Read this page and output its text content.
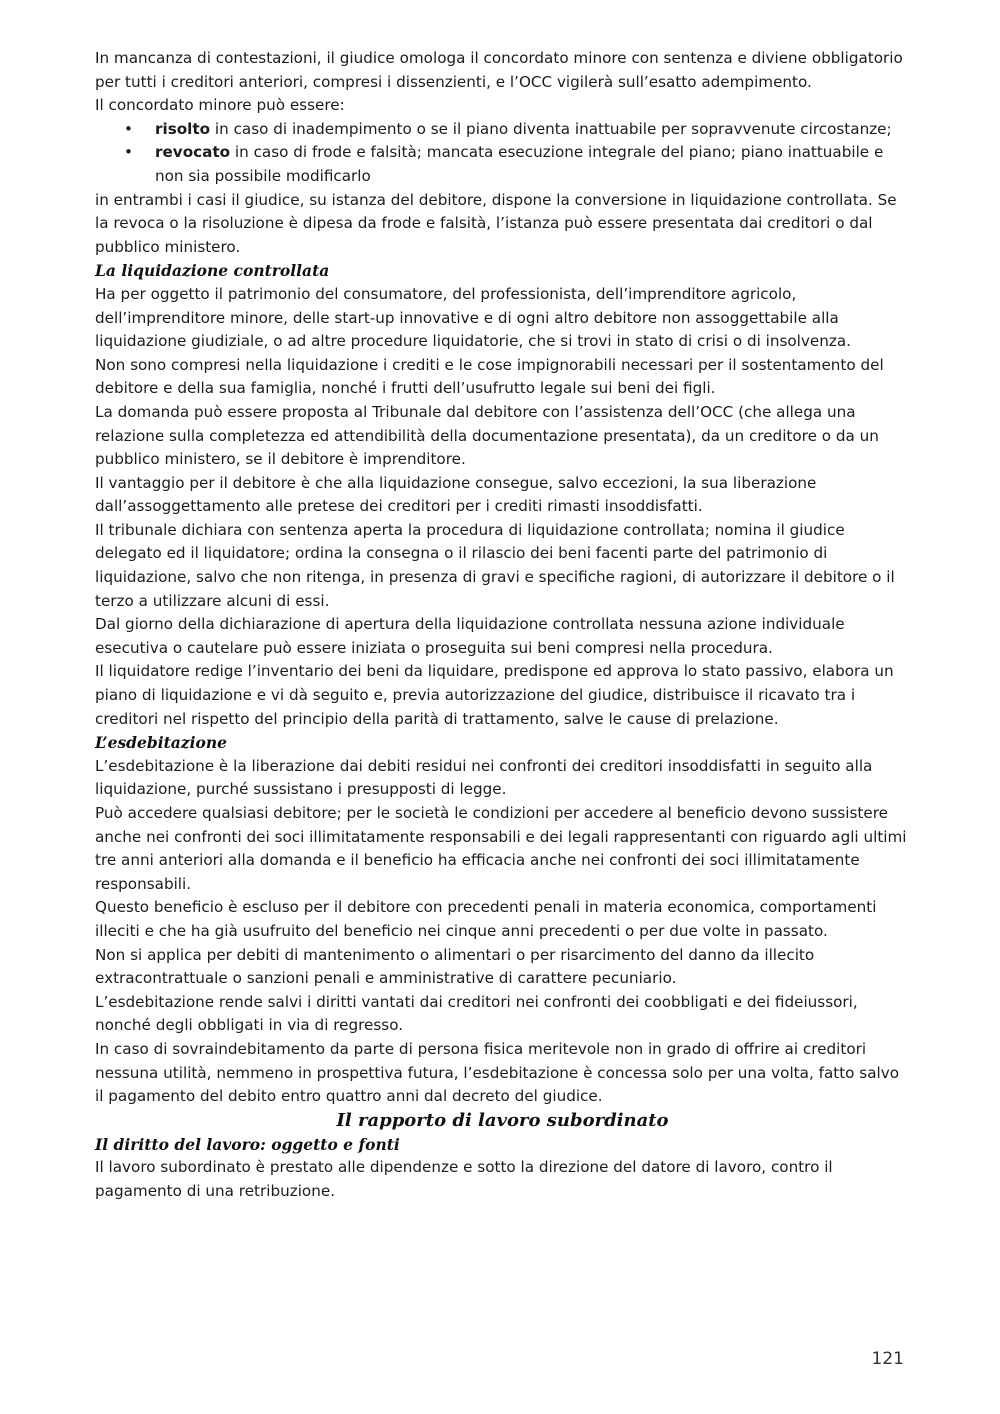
In mancanza di contestazioni, il giudice omologa il concordato minore con sentenza e diviene obbligatorio per tutti i creditori anteriori, compresi i dissenzienti, e l’OCC vigilerà sull’esatto adempimento.

Il concordato minore può essere:

• risolto in caso di inadempimento o se il piano diventa inattuabile per sopravvenute circostanze;
• revocato in caso di frode e falsità; mancata esecuzione integrale del piano; piano inattuabile e non sia possibile modificarlo

in entrambi i casi il giudice, su istanza del debitore, dispone la conversione in liquidazione controllata. Se la revoca o la risoluzione è dipesa da frode e falsità, l’istanza può essere presentata dai creditori o dal pubblico ministero.

La liquidazione controllata

Ha per oggetto il patrimonio del consumatore, del professionista, dell’imprenditore agricolo, dell’imprenditore minore, delle start-up innovative e di ogni altro debitore non assoggettabile alla liquidazione giudiziale, o ad altre procedure liquidatorie, che si trovi in stato di crisi o di insolvenza.

Non sono compresi nella liquidazione i crediti e le cose impignorabili necessari per il sostentamento del debitore e della sua famiglia, nonché i frutti dell’usufrutto legale sui beni dei figli.

La domanda può essere proposta al Tribunale dal debitore con l’assistenza dell’OCC (che allega una relazione sulla completezza ed attendibilità della documentazione presentata), da un creditore o da un pubblico ministero, se il debitore è imprenditore.

Il vantaggio per il debitore è che alla liquidazione consegue, salvo eccezioni, la sua liberazione dall’assoggettamento alle pretese dei creditori per i crediti rimasti insoddisfatti.

Il tribunale dichiara con sentenza aperta la procedura di liquidazione controllata; nomina il giudice delegato ed il liquidatore; ordina la consegna o il rilascio dei beni facenti parte del patrimonio di liquidazione, salvo che non ritenga, in presenza di gravi e specifiche ragioni, di autorizzare il debitore o il terzo a utilizzare alcuni di essi.

Dal giorno della dichiarazione di apertura della liquidazione controllata nessuna azione individuale esecutiva o cautelare può essere iniziata o proseguita sui beni compresi nella procedura.

Il liquidatore redige l’inventario dei beni da liquidare, predispone ed approva lo stato passivo, elabora un piano di liquidazione e vi dà seguito e, previa autorizzazione del giudice, distribuisce il ricavato tra i creditori nel rispetto del principio della parità di trattamento, salve le cause di prelazione.

L’esdebitazione

L’esdebitazione è la liberazione dai debiti residui nei confronti dei creditori insoddisfatti in seguito alla liquidazione, purché sussistano i presupposti di legge.

Può accedere qualsiasi debitore; per le società le condizioni per accedere al beneficio devono sussistere anche nei confronti dei soci illimitatamente responsabili e dei legali rappresentanti con riguardo agli ultimi tre anni anteriori alla domanda e il beneficio ha efficacia anche nei confronti dei soci illimitatamente responsabili.

Questo beneficio è escluso per il debitore con precedenti penali in materia economica, comportamenti illeciti e che ha già usufruito del beneficio nei cinque anni precedenti o per due volte in passato.

Non si applica per debiti di mantenimento o alimentari o per risarcimento del danno da illecito extracontrattuale o sanzioni penali e amministrative di carattere pecuniario.

L’esdebitazione rende salvi i diritti vantati dai creditori nei confronti dei coobbligati e dei fideiussori, nonché degli obbligati in via di regresso.

In caso di sovraindebitamento da parte di persona fisica meritevole non in grado di offrire ai creditori nessuna utilità, nemmeno in prospettiva futura, l’esdebitazione è concessa solo per una volta, fatto salvo il pagamento del debito entro quattro anni dal decreto del giudice.

Il rapporto di lavoro subordinato

Il diritto del lavoro: oggetto e fonti

Il lavoro subordinato è prestato alle dipendenze e sotto la direzione del datore di lavoro, contro il pagamento di una retribuzione.

121
